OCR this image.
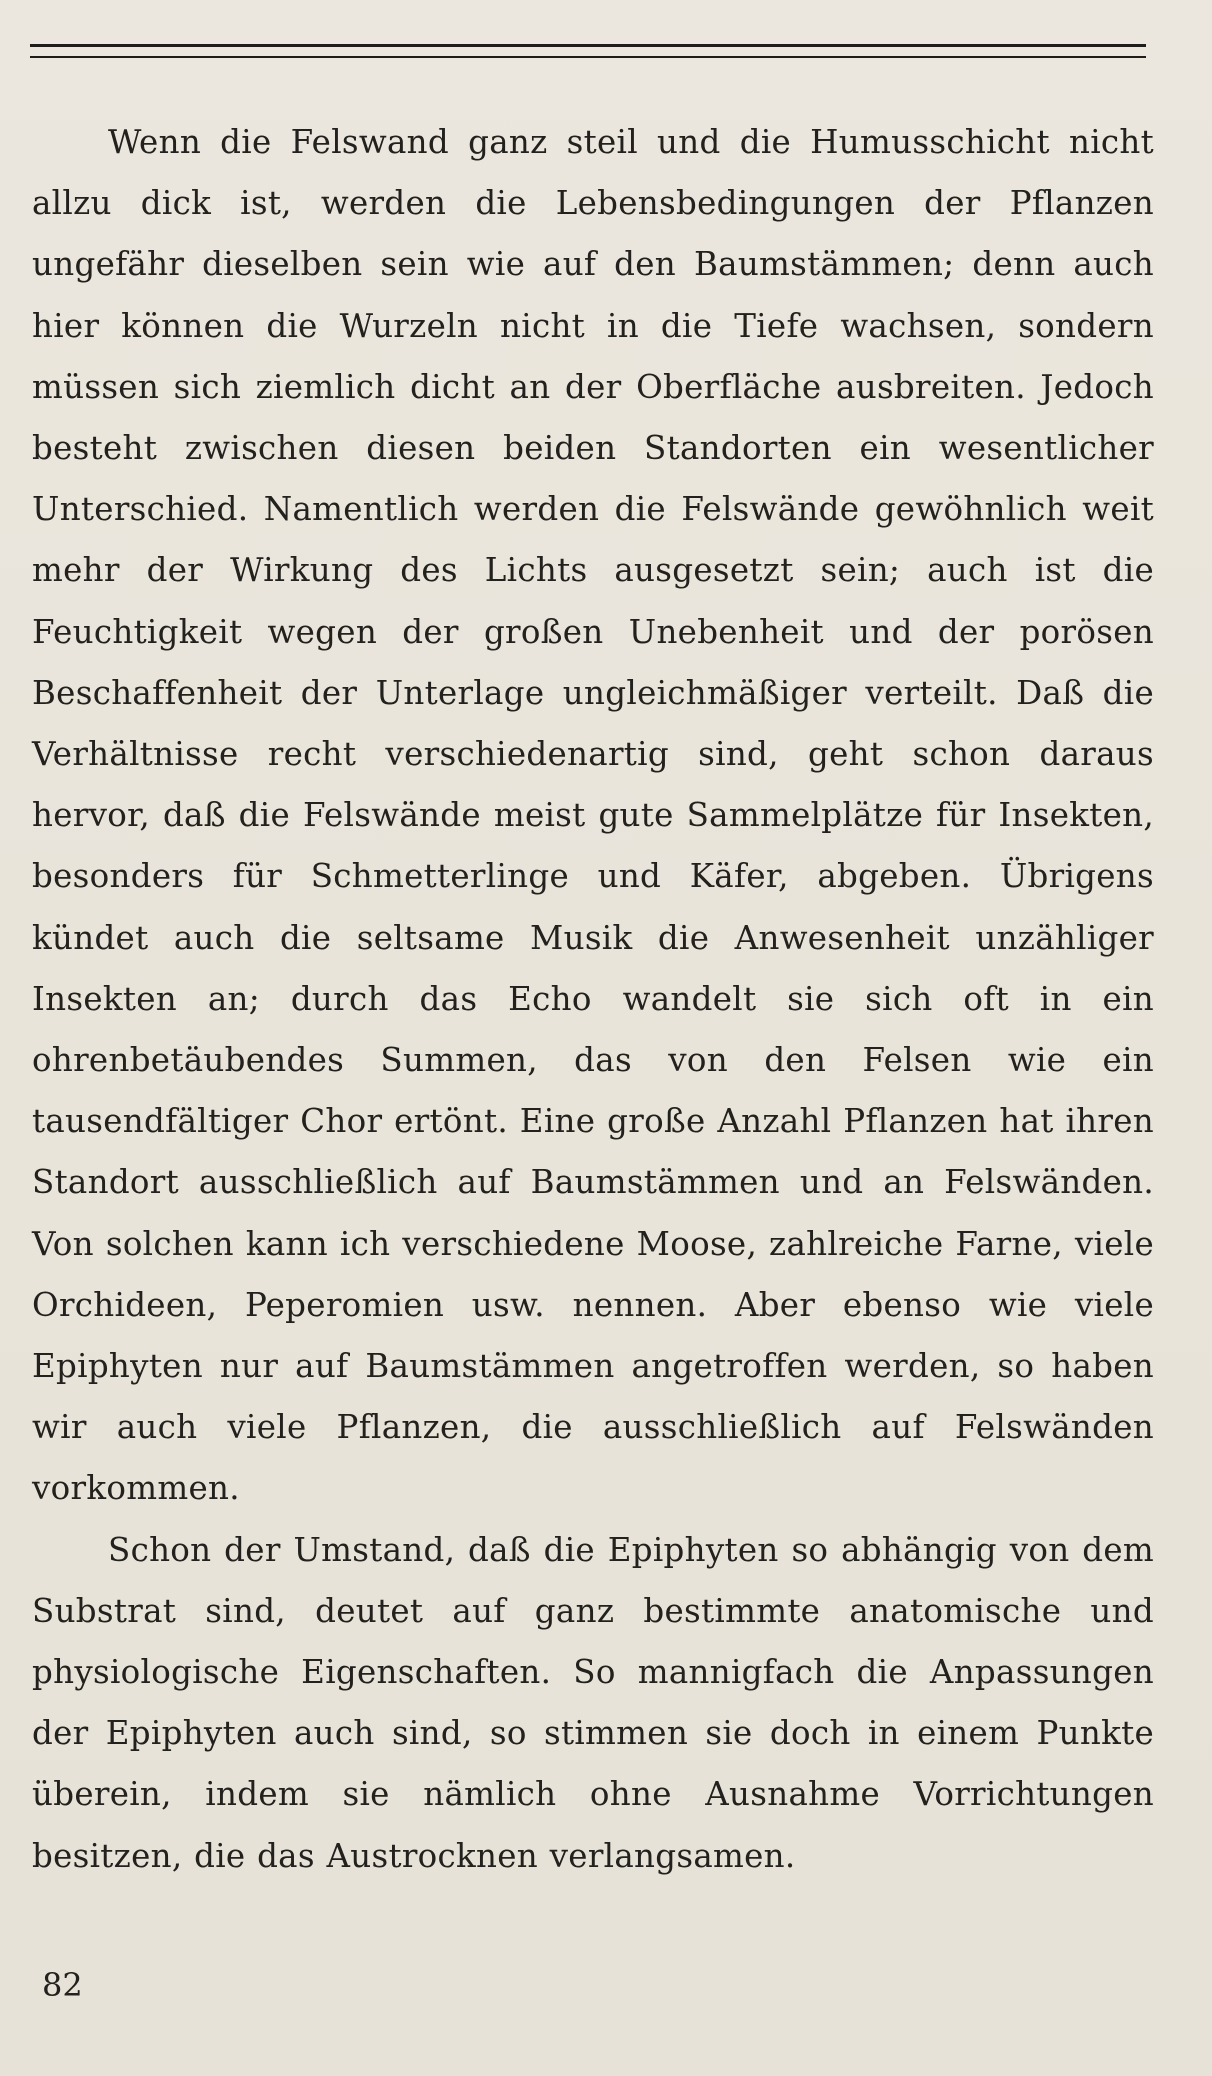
Wenn die Felswand ganz steil und die Humusschicht nicht allzu dick ist, werden die Lebensbedingungen der Pflanzen ungefähr dieselben sein wie auf den Baumstämmen; denn auch hier können die Wurzeln nicht in die Tiefe wachsen, sondern müssen sich ziemlich dicht an der Oberfläche ausbreiten. Jedoch besteht zwischen diesen beiden Standorten ein wesentlicher Unterschied. Namentlich werden die Felswände gewöhnlich weit mehr der Wirkung des Lichts ausgesetzt sein; auch ist die Feuchtigkeit wegen der großen Unebenheit und der porösen Beschaffenheit der Unterlage ungleichmäßiger verteilt. Daß die Verhältnisse recht verschiedenartig sind, geht schon daraus hervor, daß die Felswände meist gute Sammelplätze für Insekten, besonders für Schmetterlinge und Käfer, abgeben. Übrigens kündet auch die seltsame Musik die Anwesenheit unzähliger Insekten an; durch das Echo wandelt sie sich oft in ein ohrenbetäubendes Summen, das von den Felsen wie ein tausendfältiger Chor ertönt. Eine große Anzahl Pflanzen hat ihren Standort ausschließlich auf Baumstämmen und an Felswänden. Von solchen kann ich verschiedene Moose, zahlreiche Farne, viele Orchideen, Peperomien usw. nennen. Aber ebenso wie viele Epiphyten nur auf Baumstämmen angetroffen werden, so haben wir auch viele Pflanzen, die ausschließlich auf Felswänden vorkommen.

Schon der Umstand, daß die Epiphyten so abhängig von dem Substrat sind, deutet auf ganz bestimmte anatomische und physiologische Eigenschaften. So mannigfach die Anpassungen der Epiphyten auch sind, so stimmen sie doch in einem Punkte überein, indem sie nämlich ohne Ausnahme Vorrichtungen besitzen, die das Austrocknen verlangsamen.

82
